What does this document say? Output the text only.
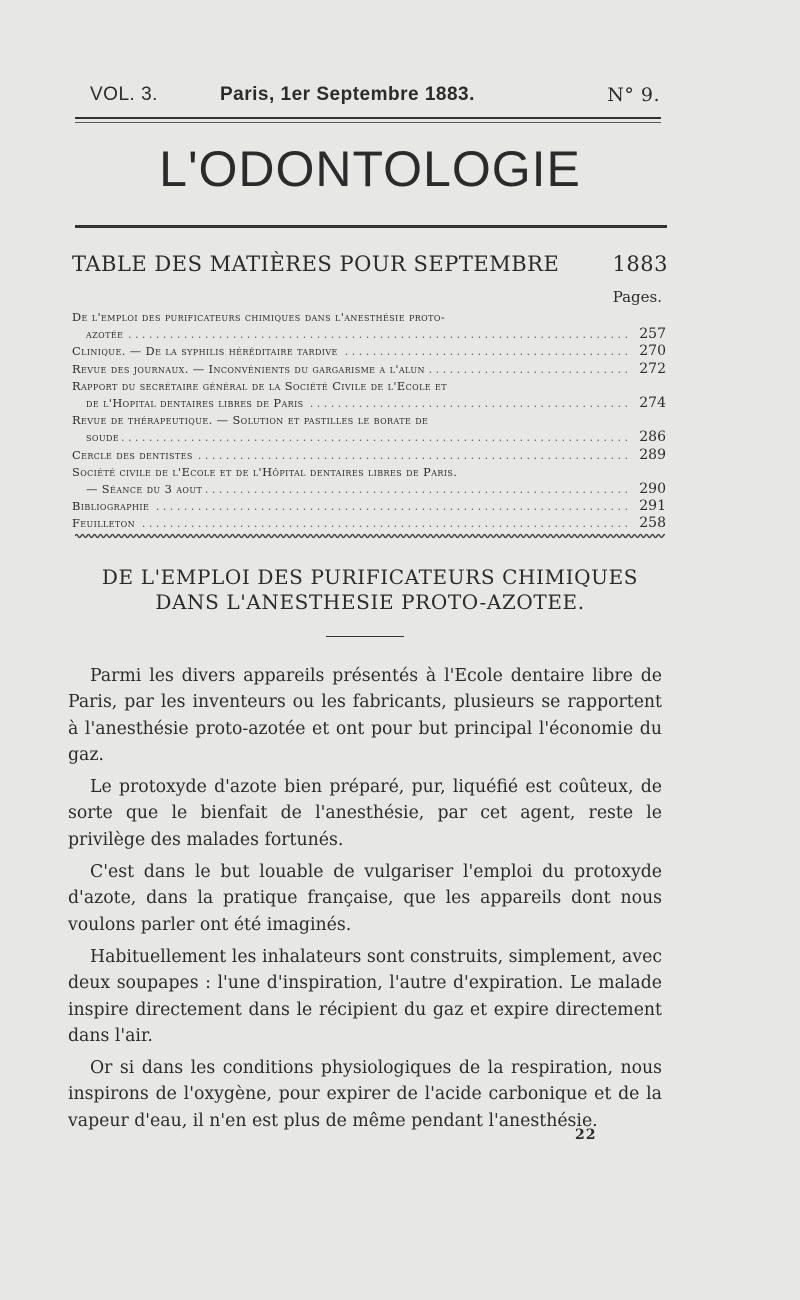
VOL. 3.	Paris, 1er Septembre 1883.	N° 9.
L'ODONTOLOGIE
TABLE DES MATIÈRES POUR SEPTEMBRE	1883
Pages.
De l'emploi des purificateurs chimiques dans l'anesthésie proto-
. . . azotée	257
. . . Clinique. — De la syphilis héréditaire tardive	270
. . . Revue des journaux. — Inconvénients du gargarisme a l'alun	272
Rapport du secrétaire général de la Société Civile de l'Ecole et
. . . de l'Hopital dentaires libres de Paris	274
Revue de thérapeutique. — Solution et pastilles le borate de
. . . soude	286
. . . Cercle des dentistes	289
Société civile de l'Ecole et de l'Hôpital dentaires libres de Paris.
. . . — Séance du 3 aout	290
. . . Bibliographie	291
. . . Feuilleton	258
DE L'EMPLOI DES PURIFICATEURS CHIMIQUES
DANS L'ANESTHESIE PROTO-AZOTEE.

Parmi les divers appareils présentés à l'Ecole dentaire libre de Paris, par les inventeurs ou les fabricants, plusieurs se rapportent à l'anesthésie proto-azotée et ont pour but principal l'économie du gaz.

Le protoxyde d'azote bien préparé, pur, liquéfié est coûteux, de sorte que le bienfait de l'anesthésie, par cet agent, reste le privilège des malades fortunés.

C'est dans le but louable de vulgariser l'emploi du protoxyde d'azote, dans la pratique française, que les appareils dont nous voulons parler ont été imaginés.

Habituellement les inhalateurs sont construits, simplement, avec deux soupapes : l'une d'inspiration, l'autre d'expiration. Le malade inspire directement dans le récipient du gaz et expire directement dans l'air.

Or si dans les conditions physiologiques de la respiration, nous inspirons de l'oxygène, pour expirer de l'acide carbonique et de la vapeur d'eau, il n'en est plus de même pendant l'anesthésie.

22
